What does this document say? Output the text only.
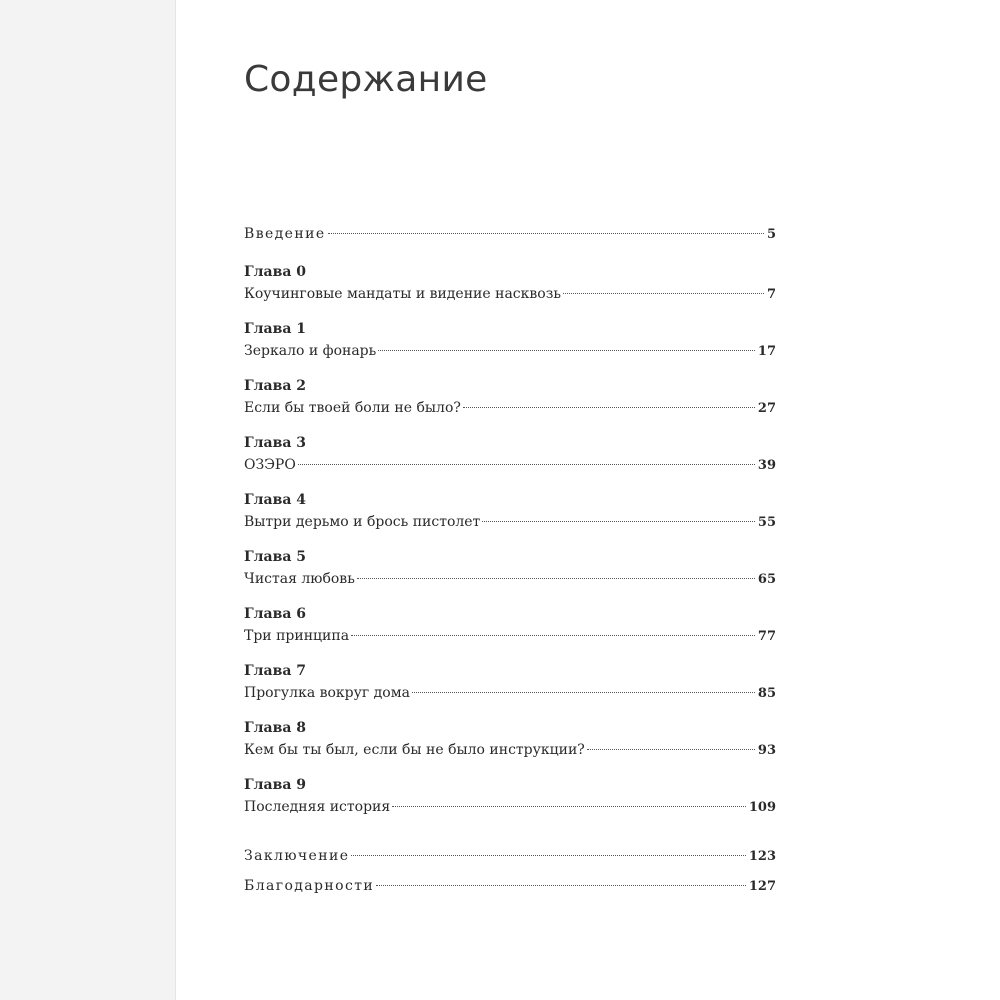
Содержание
Введение	5
Глава 0
Коучинговые мандаты и видение насквозь	7
Глава 1
Зеркало и фонарь	17
Глава 2
Если бы твоей боли не было?	27
Глава 3
ОЗЭРО	39
Глава 4
Вытри дерьмо и брось пистолет	55
Глава 5
Чистая любовь	65
Глава 6
Три принципа	77
Глава 7
Прогулка вокруг дома	85
Глава 8
Кем бы ты был, если бы не было инструкции?	93
Глава 9
Последняя история	109
Заключение	123
Благодарности	127
